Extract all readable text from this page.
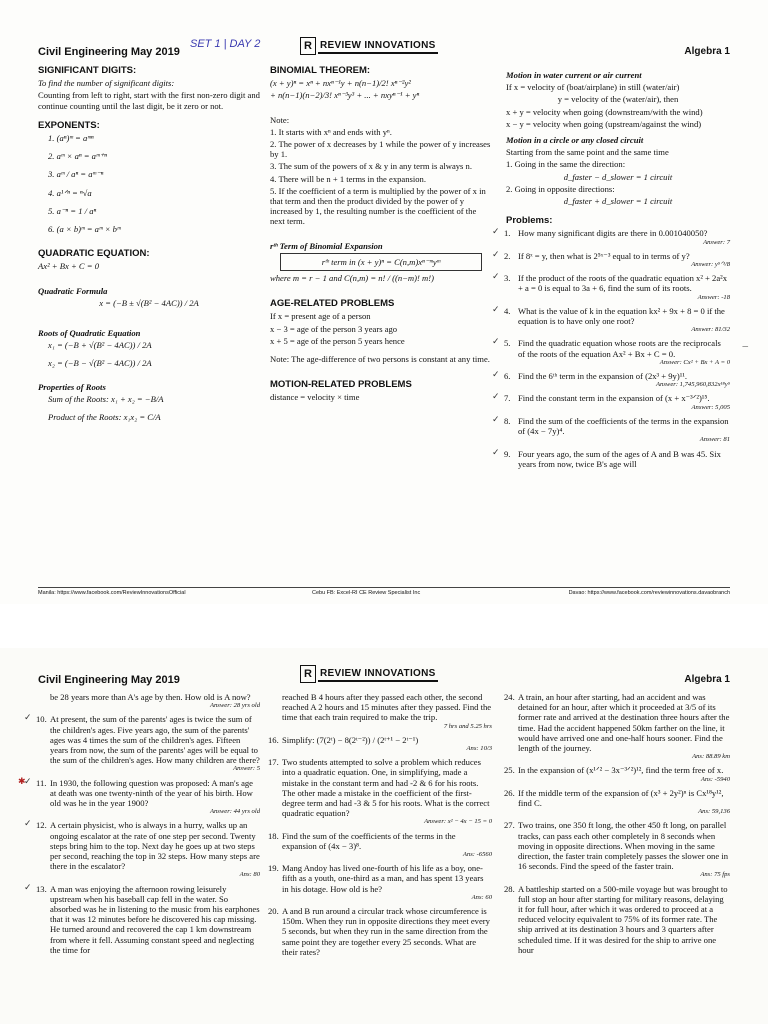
Civil Engineering May 2019
SET 1 | DAY 2	R REVIEW INNOVATIONS
Algebra 1
SIGNIFICANT DIGITS:
To find the number of significant digits:
Counting from left to right, start with the first non-zero digit and continue counting until the last digit, be it zero or not.
EXPONENTS:
1. (aⁿ)ᵐ = aᵐⁿ
2. aᵐ × aⁿ = aᵐ⁺ⁿ
3. aᵐ / aⁿ = aᵐ⁻ⁿ
4. a¹ᐟⁿ = ⁿ√a
5. a⁻ⁿ = 1 / aⁿ
6. (a × b)ᵐ = aᵐ × bᵐ
QUADRATIC EQUATION:
Ax² + Bx + C = 0
Quadratic Formula
x = (−B ± √(B² − 4AC)) / 2A
Roots of Quadratic Equation
x₁ = (−B + √(B² − 4AC)) / 2A
x₂ = (−B − √(B² − 4AC)) / 2A
Properties of Roots
Sum of the Roots: x₁ + x₂ = −B/A
Product of the Roots: x₁x₂ = C/A
BINOMIAL THEOREM:
(x + y)ⁿ = xⁿ + nxⁿ⁻¹y + n(n−1)/2! xⁿ⁻²y²
+ n(n−1)(n−2)/3! xⁿ⁻³y³ + ... + nxyⁿ⁻¹ + yⁿ
Note:
1. It starts with xⁿ and ends with yⁿ.
2. The power of x decreases by 1 while the power of y increases by 1.
3. The sum of the powers of x & y in any term is always n.
4. There will be n + 1 terms in the expansion.
5. If the coefficient of a term is multiplied by the power of x in that term and then the product divided by the power of y increased by 1, the resulting number is the coefficient of the next term.
rᵗʰ Term of Binomial Expansion
rᵗʰ term in (x + y)ⁿ = C(n,m)xⁿ⁻ᵐyᵐ
where m = r − 1 and C(n,m) = n! / ((n−m)! m!)
AGE-RELATED PROBLEMS
If x = present age of a person
x − 3 = age of the person 3 years ago
x + 5 = age of the person 5 years hence
Note: The age-difference of two persons is constant at any time.
MOTION-RELATED PROBLEMS
distance = velocity × time
Motion in water current or air current
If x = velocity of (boat/airplane) in still (water/air)
y = velocity of the (water/air), then
x + y = velocity when going (downstream/with the wind)
x − y = velocity when going (upstream/against the wind)
Motion in a circle or any closed circuit
Starting from the same point and the same time
1. Going in the same the direction:
d_faster − d_slower = 1 circuit
2. Going in opposite directions:
d_faster + d_slower = 1 circuit
Problems:
✓ 1. How many significant digits are there in 0.001040050?
Answer: 7
✓ 2. If 8ˣ = y, then what is 2⁵ˣ⁻³ equal to in terms of y?
Answer: y⁵ᐟ³/8
✓ 3. If the product of the roots of the quadratic equation x² + 2a²x + a = 0 is equal to 3a + 6, find the sum of its roots.
Answer: -18
✓ 4. What is the value of k in the equation kx² + 9x + 8 = 0 if the equation is to have only one root?
Answer: 81/32
✓ 5. Find the quadratic equation whose roots are the reciprocals of the roots of the equation Ax² + Bx + C = 0.
Answer: Cx² + Bx + A = 0
✓ 6. Find the 6ᵗʰ term in the expansion of (2x³ + 9y)¹¹.
Answer: 1,745,960,832x¹⁸y⁵
✓ 7. Find the constant term in the expansion of (x + x⁻³ᐟ²)¹⁵.
Answer: 5,005
✓ 8. Find the sum of the coefficients of the terms in the expansion of (4x − 7y)⁴.
Answer: 81
✓ 9. Four years ago, the sum of the ages of A and B was 45. Six years from now, twice B's age will
–
Manila: https://www.facebook.com/ReviewInnovationsOfficial	Cebu FB: Excel-RI CE Review Specialist Inc	Davao: https://www.facebook.com/reviewinnovations.davaobranch
Civil Engineering May 2019	R REVIEW INNOVATIONS
Algebra 1
be 28 years more than A's age by then. How old is A now?
Answer: 28 yrs old
✓ 10. At present, the sum of the parents' ages is twice the sum of the children's ages. Five years ago, the sum of the parents' ages was 4 times the sum of the children's ages. Fifteen years from now, the sum of the parents' ages will be equal to the sum of the children's ages. How many children are there?
Answer: 5
✱
✓ 11. In 1930, the following question was proposed: A man's age at death was one twenty-ninth of the year of his birth. How old was he in the year 1900?
Answer: 44 yrs old
✓ 12. A certain physicist, who is always in a hurry, walks up an ongoing escalator at the rate of one step per second. Twenty steps bring him to the top. Next day he goes up at two steps per second, reaching the top in 32 steps. How many steps are there in the escalator?
Ans: 80
✓ 13. A man was enjoying the afternoon rowing leisurely upstream when his baseball cap fell in the water. So absorbed was he in listening to the music from his earphones that it was 12 minutes before he discovered his cap missing. He turned around and recovered the cap 1 km downstream from where it fell. Assuming constant speed and neglecting the time for
reached B 4 hours after they passed each other, the second reached A 2 hours and 15 minutes after they passed. Find the time that each train required to make the trip.
7 hrs and 5.25 hrs
16. Simplify: (7(2ᵗ) − 8(2ᵗ⁻²)) / (2ᵗ⁺¹ − 2ᵗ⁻¹)
Ans: 10/3
17. Two students attempted to solve a problem which reduces into a quadratic equation. One, in simplifying, made a mistake in the constant term and had -2 & 6 for his roots. The other made a mistake in the coefficient of the first-degree term and had -3 & 5 for his roots. What is the correct quadratic equation?
Answer: x² − 4x − 15 = 0
18. Find the sum of the coefficients of the terms in the expansion of (4x − 3)⁸.
Ans: -6560
19. Mang Andoy has lived one-fourth of his life as a boy, one-fifth as a youth, one-third as a man, and has spent 13 years in his dotage. How old is he?
Ans: 60
20. A and B run around a circular track whose circumference is 150m. When they run in opposite directions they meet every 5 seconds, but when they run in the same direction from the same point they are together every 25 seconds. What are their rates?
24. A train, an hour after starting, had an accident and was detained for an hour, after which it proceeded at 3/5 of its former rate and arrived at the destination three hours after the time. Had the accident happened 50km farther on the line, it would have arrived one and one-half hours sooner. Find the length of the journey.
Ans: 88.89 km
25. In the expansion of (x¹ᐟ² − 3x⁻³ᐟ²)¹², find the term free of x.
Ans: -5940
26. If the middle term of the expansion of (x³ + 2y²)ⁿ is Cx¹⁸y¹², find C.
Ans: 59,136
27. Two trains, one 350 ft long, the other 450 ft long, on parallel tracks, can pass each other completely in 8 seconds when moving in opposite directions. When moving in the same direction, the faster train completely passes the slower one in 16 seconds. Find the speed of the faster train.
Ans: 75 fps
28. A battleship started on a 500-mile voyage but was brought to full stop an hour after starting for military reasons, delaying it for full hour, after which it was ordered to proceed at a reduced velocity equivalent to 75% of its former rate. The ship arrived at its destination 3 hours and 3 quarters after scheduled time. If it was desired for the ship to arrive one hour
